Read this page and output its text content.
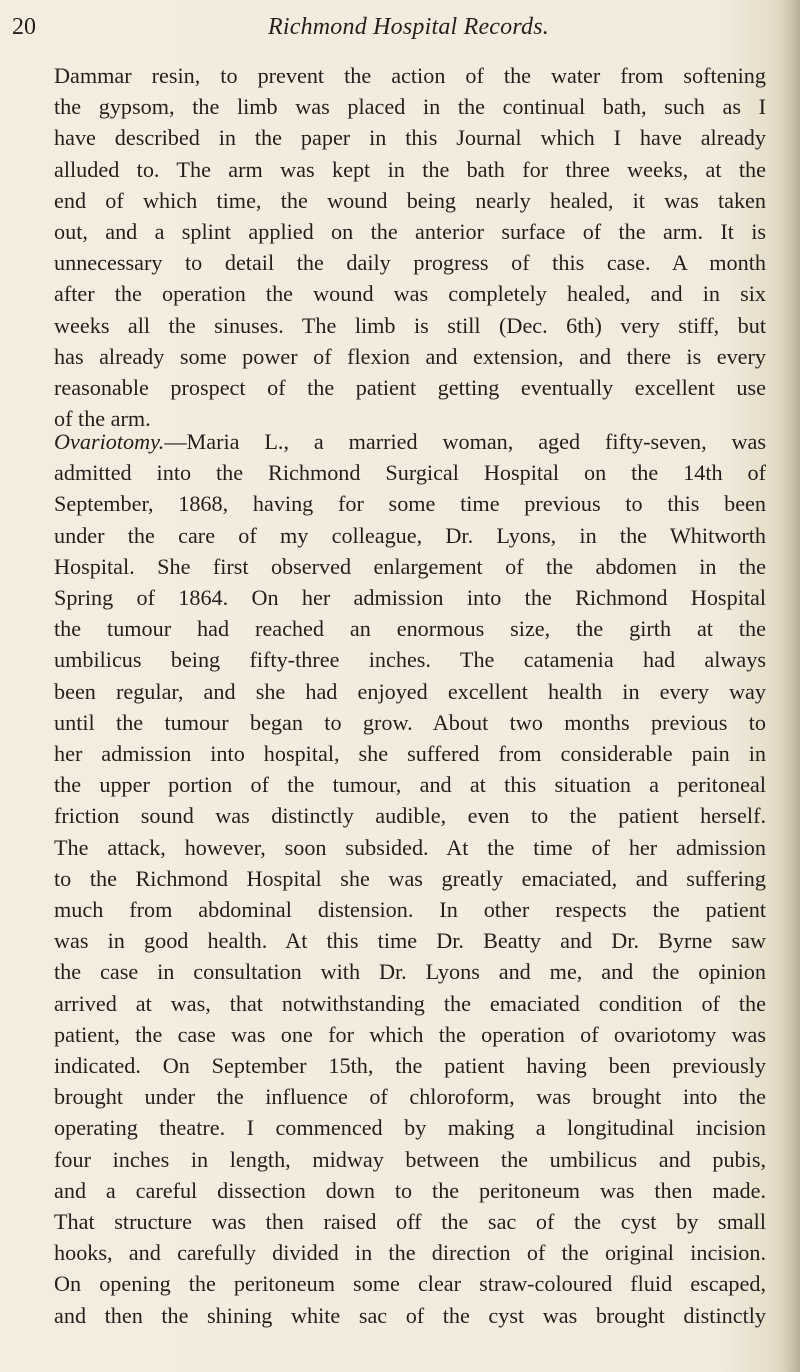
20	Richmond Hospital Records.
Dammar resin, to prevent the action of the water from softening
the gypsom, the limb was placed in the continual bath, such as I
have described in the paper in this Journal which I have already
alluded to. The arm was kept in the bath for three weeks, at the
end of which time, the wound being nearly healed, it was taken
out, and a splint applied on the anterior surface of the arm. It is
unnecessary to detail the daily progress of this case. A month
after the operation the wound was completely healed, and in six
weeks all the sinuses. The limb is still (Dec. 6th) very stiff, but
has already some power of flexion and extension, and there is every
reasonable prospect of the patient getting eventually excellent use
of the arm.
Ovariotomy.—Maria L., a married woman, aged fifty-seven, was
admitted into the Richmond Surgical Hospital on the 14th of
September, 1868, having for some time previous to this been
under the care of my colleague, Dr. Lyons, in the Whitworth
Hospital. She first observed enlargement of the abdomen in the
Spring of 1864. On her admission into the Richmond Hospital
the tumour had reached an enormous size, the girth at the
umbilicus being fifty-three inches. The catamenia had always
been regular, and she had enjoyed excellent health in every way
until the tumour began to grow. About two months previous to
her admission into hospital, she suffered from considerable pain in
the upper portion of the tumour, and at this situation a peritoneal
friction sound was distinctly audible, even to the patient herself.
The attack, however, soon subsided. At the time of her admission
to the Richmond Hospital she was greatly emaciated, and suffering
much from abdominal distension. In other respects the patient
was in good health. At this time Dr. Beatty and Dr. Byrne saw
the case in consultation with Dr. Lyons and me, and the opinion
arrived at was, that notwithstanding the emaciated condition of the
patient, the case was one for which the operation of ovariotomy was
indicated. On September 15th, the patient having been previously
brought under the influence of chloroform, was brought into the
operating theatre. I commenced by making a longitudinal incision
four inches in length, midway between the umbilicus and pubis,
and a careful dissection down to the peritoneum was then made.
That structure was then raised off the sac of the cyst by small
hooks, and carefully divided in the direction of the original incision.
On opening the peritoneum some clear straw-coloured fluid escaped,
and then the shining white sac of the cyst was brought distinctly
